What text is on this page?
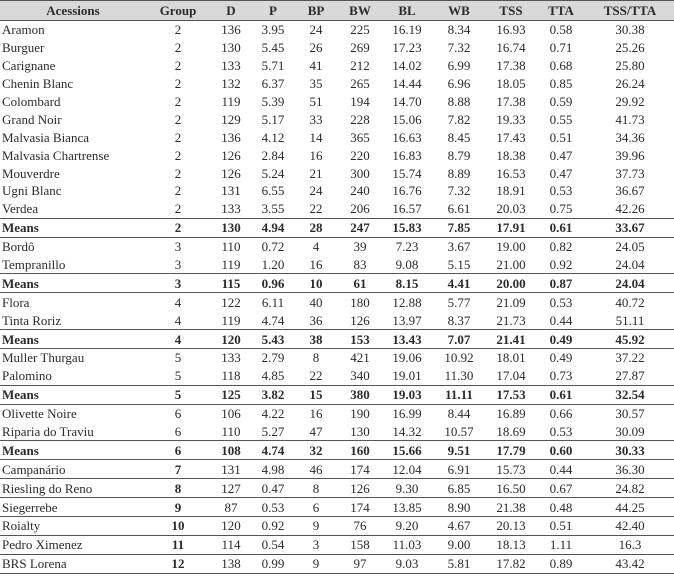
Acessions	Group	D	P	BP	BW	BL	WB	TSS	TTA	TSS/TTA
Aramon	2	136	3.95	24	225	16.19	8.34	16.93	0.58	30.38
Burguer	2	130	5.45	26	269	17.23	7.32	16.74	0.71	25.26
Carignane	2	133	5.71	41	212	14.02	6.99	17.38	0.68	25.80
Chenin Blanc	2	132	6.37	35	265	14.44	6.96	18.05	0.85	26.24
Colombard	2	119	5.39	51	194	14.70	8.88	17.38	0.59	29.92
Grand Noir	2	129	5.17	33	228	15.06	7.82	19.33	0.55	41.73
Malvasia Bianca	2	136	4.12	14	365	16.63	8.45	17.43	0.51	34.36
Malvasia Chartrense	2	126	2.84	16	220	16.83	8.79	18.38	0.47	39.96
Mouverdre	2	126	5.24	21	300	15.74	8.89	16.53	0.47	37.73
Ugni Blanc	2	131	6.55	24	240	16.76	7.32	18.91	0.53	36.67
Verdea	2	133	3.55	22	206	16.57	6.61	20.03	0.75	42.26
Means	2	130	4.94	28	247	15.83	7.85	17.91	0.61	33.67
Bordô	3	110	0.72	4	39	7.23	3.67	19.00	0.82	24.05
Tempranillo	3	119	1.20	16	83	9.08	5.15	21.00	0.92	24.04
Means	3	115	0.96	10	61	8.15	4.41	20.00	0.87	24.04
Flora	4	122	6.11	40	180	12.88	5.77	21.09	0.53	40.72
Tinta Roriz	4	119	4.74	36	126	13.97	8.37	21.73	0.44	51.11
Means	4	120	5.43	38	153	13.43	7.07	21.41	0.49	45.92
Muller Thurgau	5	133	2.79	8	421	19.06	10.92	18.01	0.49	37.22
Palomino	5	118	4.85	22	340	19.01	11.30	17.04	0.73	27.87
Means	5	125	3.82	15	380	19.03	11.11	17.53	0.61	32.54
Olivette Noire	6	106	4.22	16	190	16.99	8.44	16.89	0.66	30.57
Riparia do Traviu	6	110	5.27	47	130	14.32	10.57	18.69	0.53	30.09
Means	6	108	4.74	32	160	15.66	9.51	17.79	0.60	30.33
Campanário	7	131	4.98	46	174	12.04	6.91	15.73	0.44	36.30
Riesling do Reno	8	127	0.47	8	126	9.30	6.85	16.50	0.67	24.82
Siegerrebe	9	87	0.53	6	174	13.85	8.90	21.38	0.48	44.25
Roialty	10	120	0.92	9	76	9.20	4.67	20.13	0.51	42.40
Pedro Ximenez	11	114	0.54	3	158	11.03	9.00	18.13	1.11	16.3
BRS Lorena	12	138	0.99	9	97	9.03	5.81	17.82	0.89	43.42
